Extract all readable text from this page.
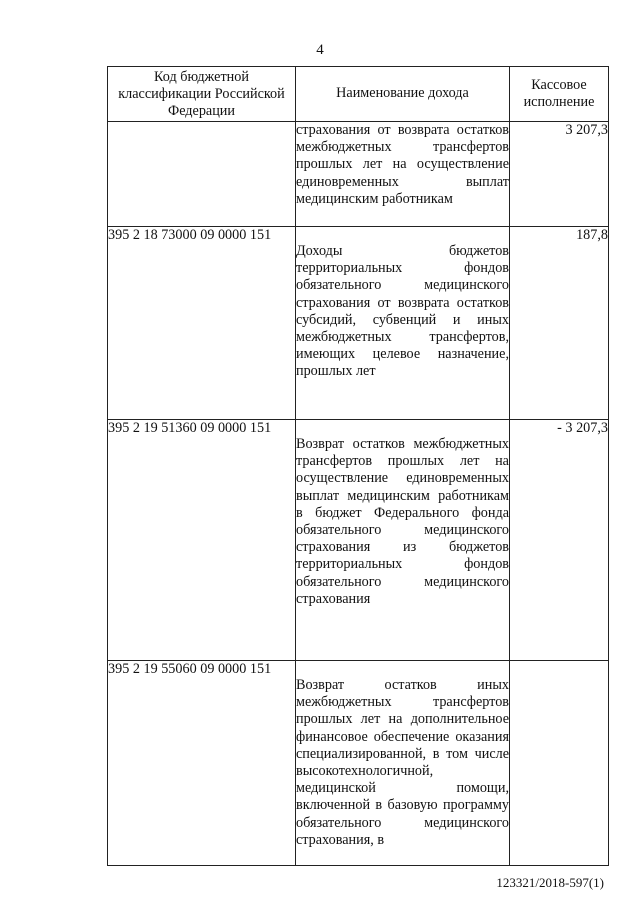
4
Код бюджетной классификации Российской Федерации	Наименование дохода	Кассовое исполнение

	страхования от возврата остатков межбюджетных трансфертов прошлых лет на осуществление единовременных выплат медицинским работникам	3 207,3
395 2 18 73000 09 0000 151	Доходы бюджетов территориальных фондов обязательного медицинского страхования от возврата остатков субсидий, субвенций и иных межбюджетных трансфертов, имеющих целевое назначение, прошлых лет	187,8
395 2 19 51360 09 0000 151	Возврат остатков межбюджетных трансфертов прошлых лет на осуществление единовременных выплат медицинским работникам в бюджет Федерального фонда обязательного медицинского страхования из бюджетов территориальных фондов обязательного медицинского страхования	- 3 207,3
395 2 19 55060 09 0000 151	Возврат остатков иных межбюджетных трансфертов прошлых лет на дополнительное финансовое обеспечение оказания специализированной, в том числе высокотехнологичной, медицинской помощи, включенной в базовую программу обязательного медицинского страхования, в	

123321/2018-597(1)
